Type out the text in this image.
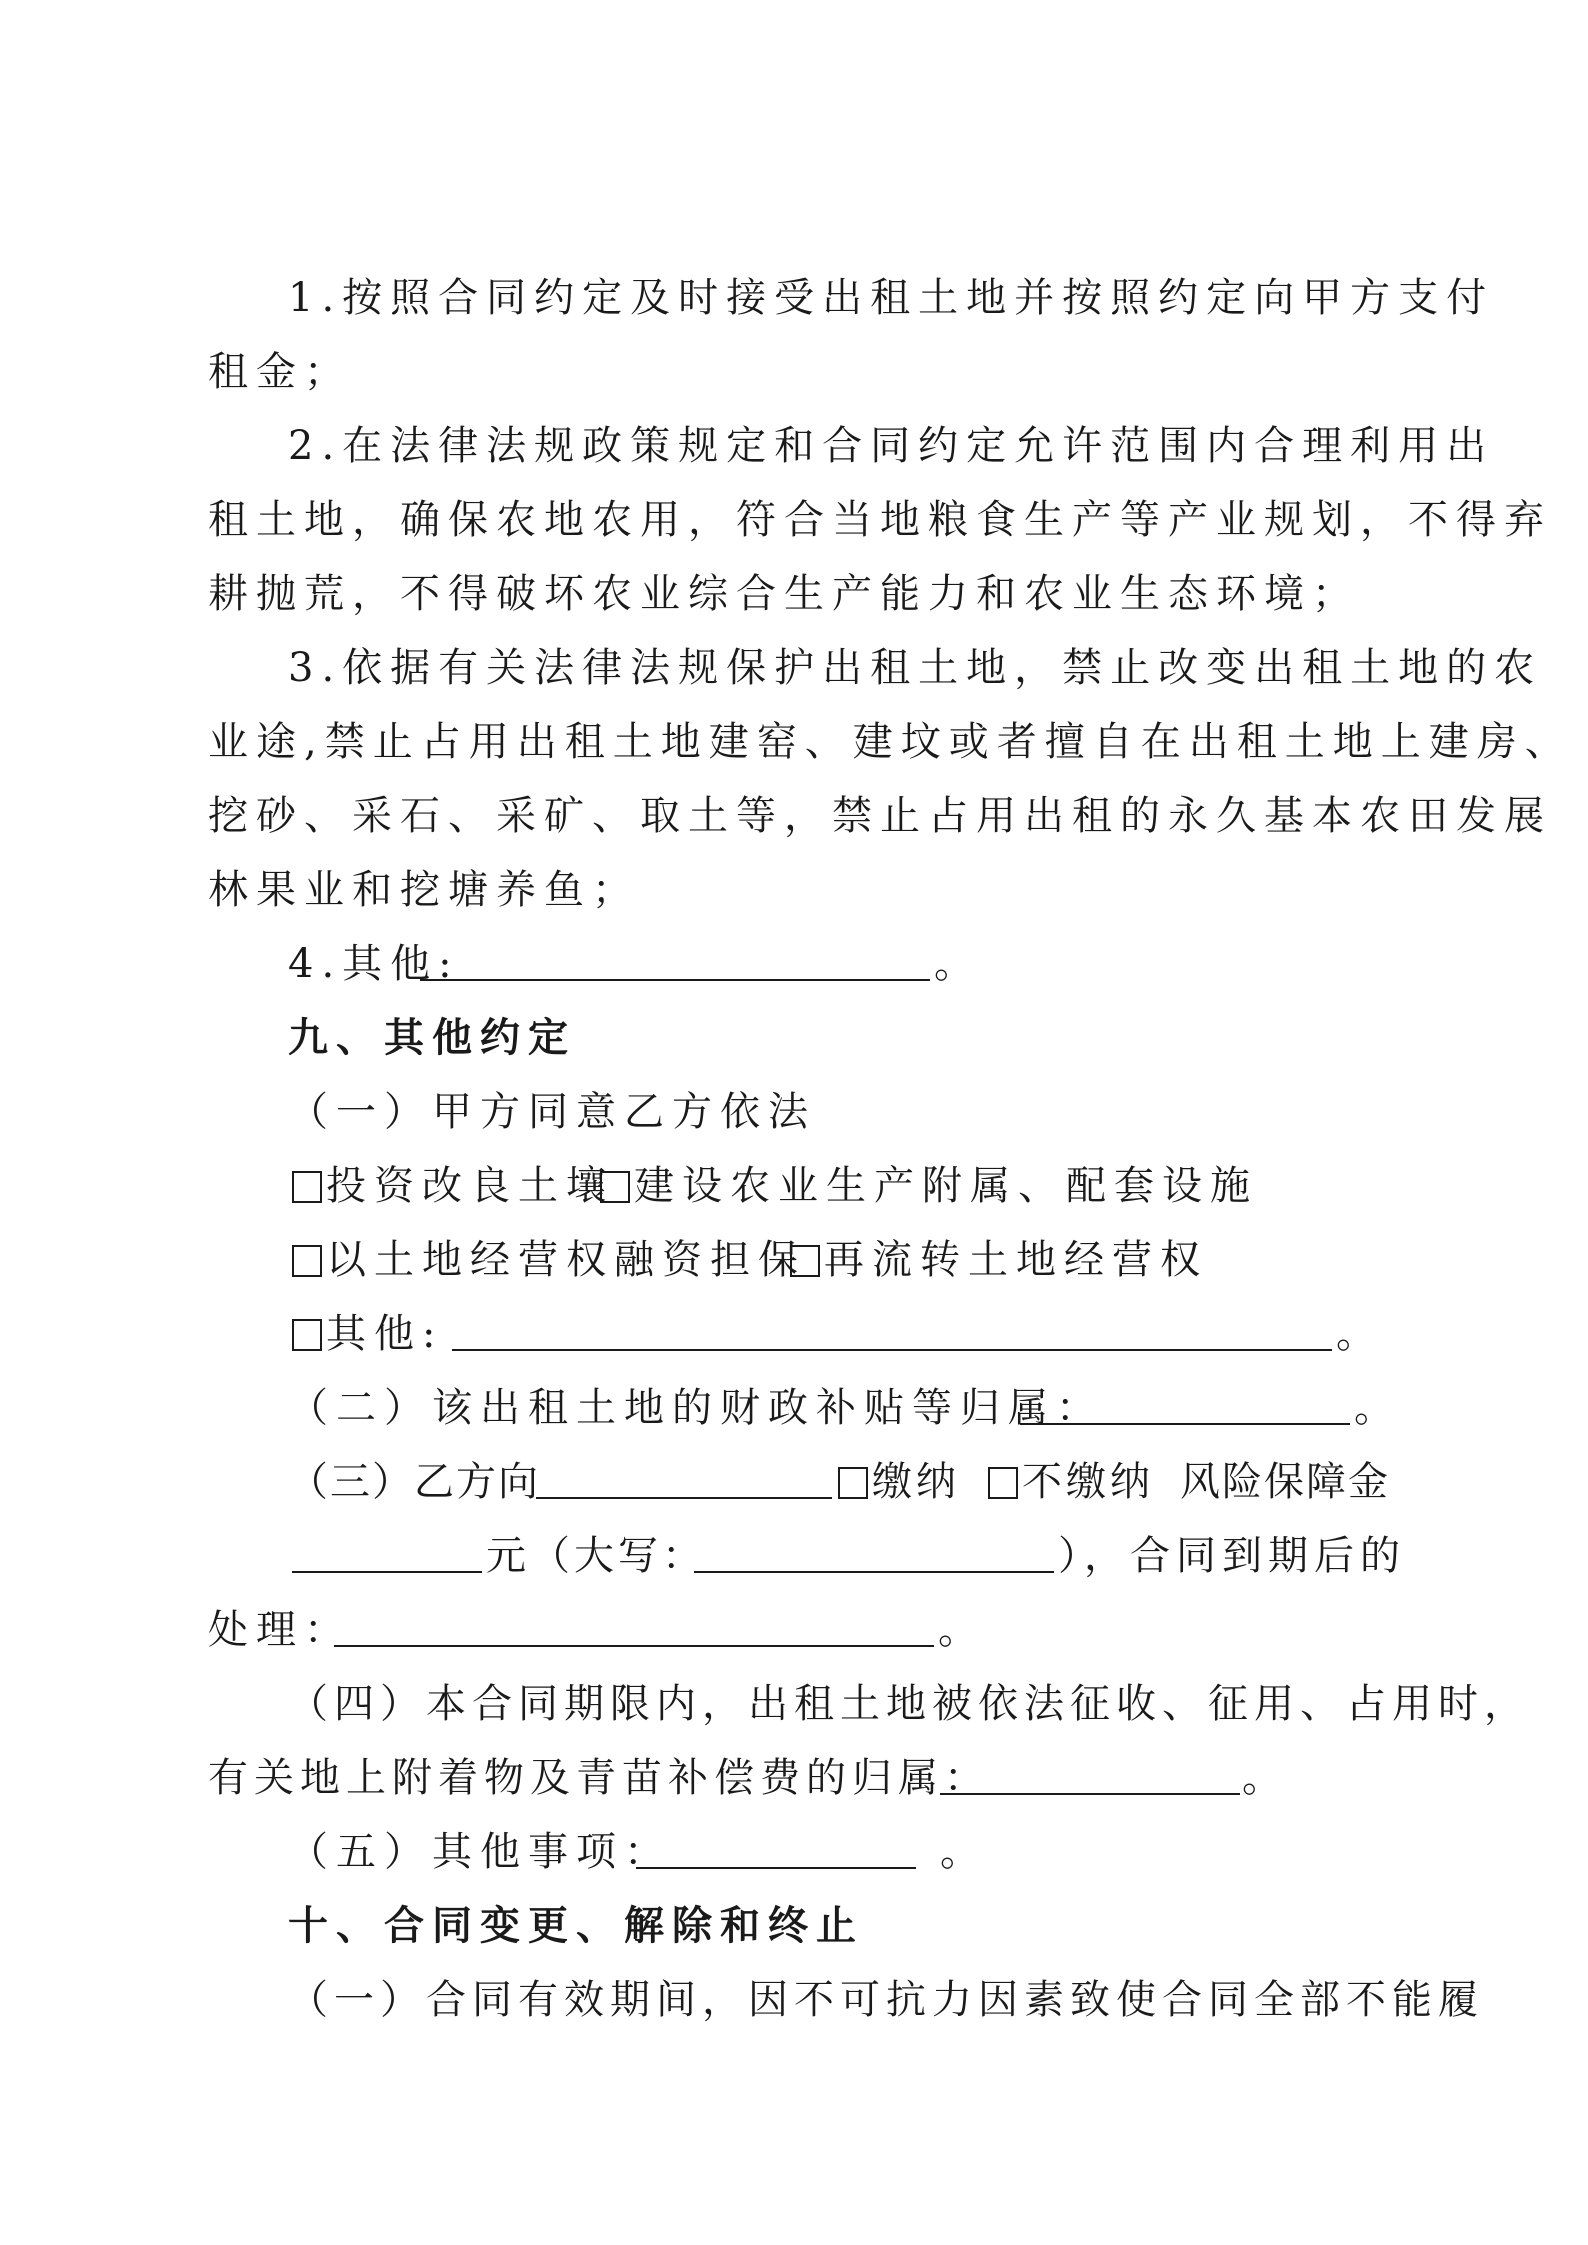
1.按照合同约定及时接受出租土地并按照约定向甲方支付
租金；
2.在法律法规政策规定和合同约定允许范围内合理利用出
租土地，确保农地农用，符合当地粮食生产等产业规划，不得弃
耕抛荒，不得破坏农业综合生产能力和农业生态环境；
3.依据有关法律法规保护出租土地，禁止改变出租土地的农
业途,禁止占用出租土地建窑、建坟或者擅自在出租土地上建房、
挖砂、采石、采矿、取土等，禁止占用出租的永久基本农田发展
林果业和挖塘养鱼；
4.其他:	。
九、其他约定
（一）甲方同意乙方依法
投资改良土壤 建设农业生产附属、配套设施
以土地经营权融资担保 再流转土地经营权
其他:	。
（二）该出租土地的财政补贴等归属：	。
（三）乙方向	缴纳	不缴纳 风险保障金
元（大写：	），合同到期后的
处理：	。
（四）本合同期限内，出租土地被依法征收、征用、占用时，
有关地上附着物及青苗补偿费的归属：	。
（五）其他事项：	。
十、合同变更、解除和终止
（一）合同有效期间，因不可抗力因素致使合同全部不能履
